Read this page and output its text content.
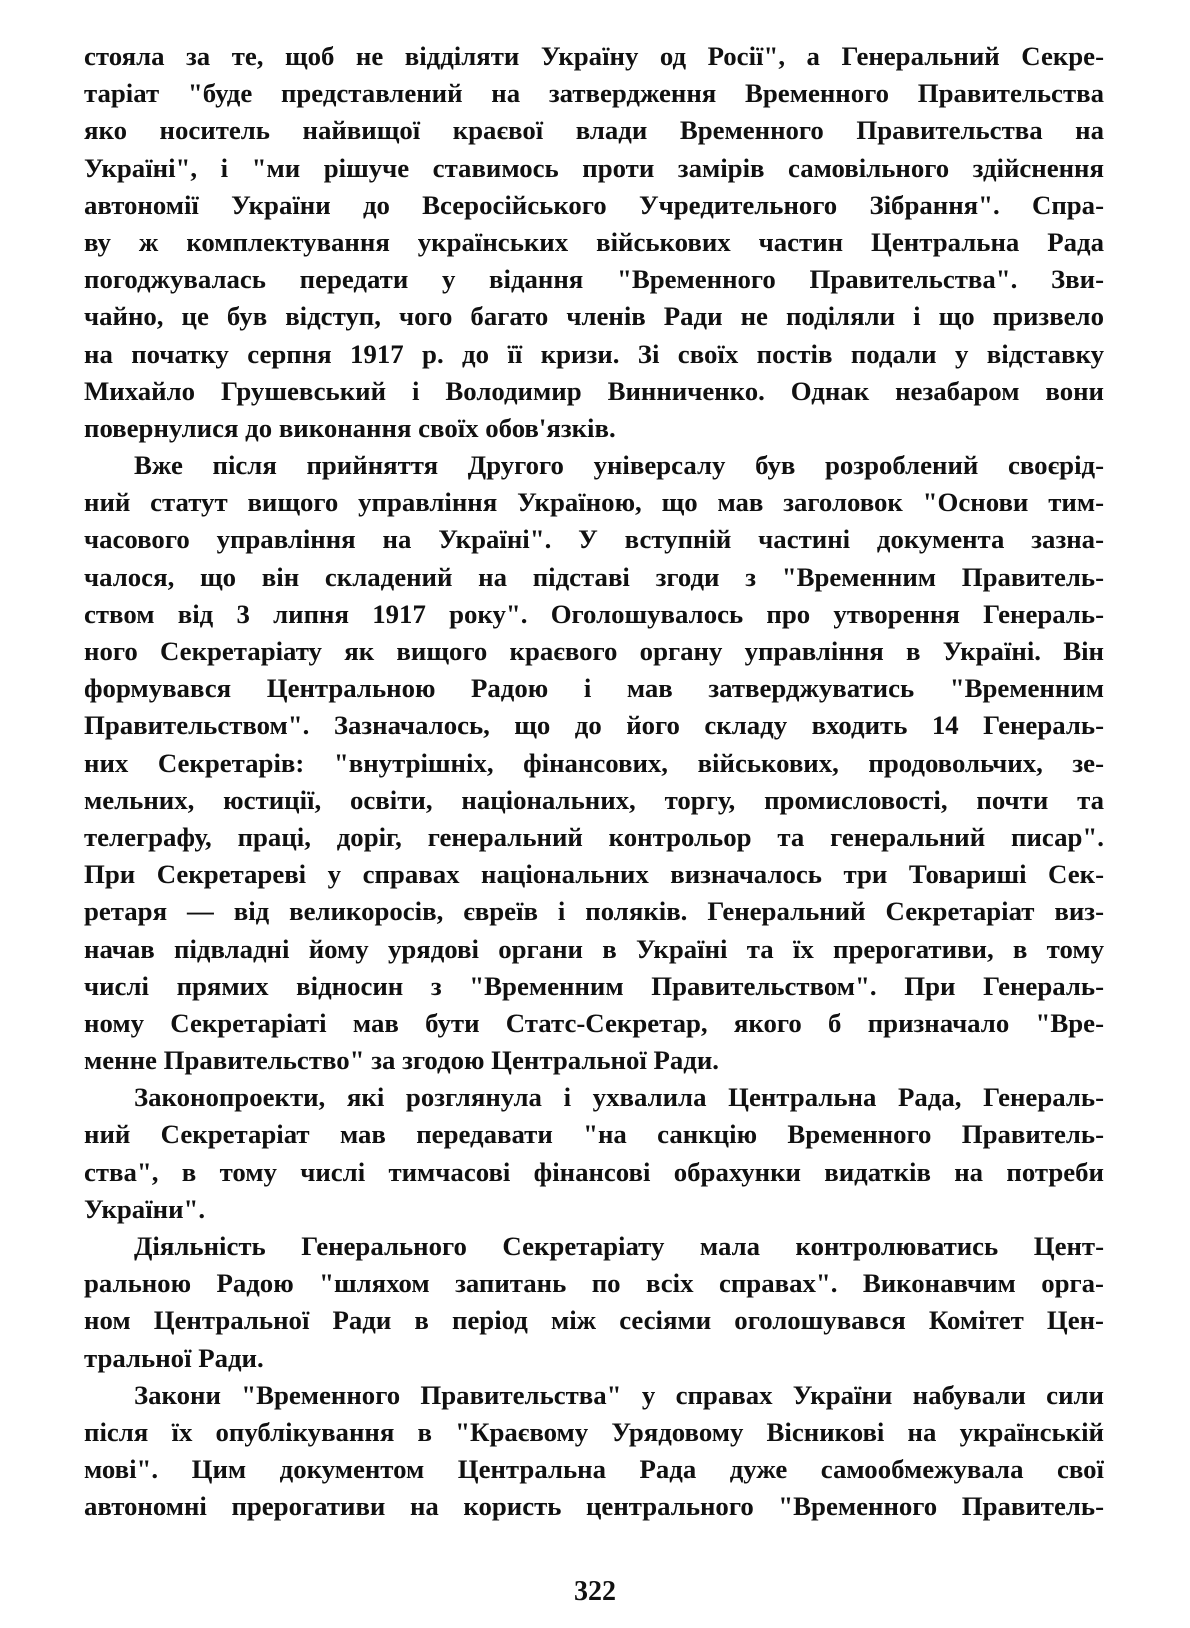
стояла за те, щоб не відділяти Україну од Росії", а Генеральний Секре-
таріат "буде представлений на затвердження Временного Правительства
яко носитель найвищої краєвої влади Временного Правительства на
Україні", і "ми рішуче ставимось проти замірів самовільного здійснення
автономії України до Всеросійського Учредительного Зібрання". Спра-
ву ж комплектування українських військових частин Центральна Рада
погоджувалась передати у відання "Временного Правительства". Зви-
чайно, це був відступ, чого багато членів Ради не поділяли і що призвело
на початку серпня 1917 р. до її кризи. Зі своїх постів подали у відставку
Михайло Грушевський і Володимир Винниченко. Однак незабаром вони
повернулися до виконання своїх обов'язків.
Вже після прийняття Другого універсалу був розроблений своєрід-
ний статут вищого управління Україною, що мав заголовок "Основи тим-
часового управління на Україні". У вступній частині документа зазна-
чалося, що він складений на підставі згоди з "Временним Правитель-
ством від 3 липня 1917 року". Оголошувалось про утворення Генераль-
ного Секретаріату як вищого краєвого органу управління в Україні. Він
формувався Центральною Радою і мав затверджуватись "Временним
Правительством". Зазначалось, що до його складу входить 14 Генераль-
них Секретарів: "внутрішніх, фінансових, військових, продовольчих, зе-
мельних, юстиції, освіти, національних, торгу, промисловості, почти та
телеграфу, праці, доріг, генеральний контрольор та генеральний писар".
При Секретареві у справах національних визначалось три Товариші Сек-
ретаря — від великоросів, євреїв і поляків. Генеральний Секретаріат виз-
начав підвладні йому урядові органи в Україні та їх прерогативи, в тому
числі прямих відносин з "Временним Правительством". При Генераль-
ному Секретаріаті мав бути Статс-Секретар, якого б призначало "Вре-
менне Правительство" за згодою Центральної Ради.
Законопроекти, які розглянула і ухвалила Центральна Рада, Генераль-
ний Секретаріат мав передавати "на санкцію Временного Правитель-
ства", в тому числі тимчасові фінансові обрахунки видатків на потреби
України".
Діяльність Генерального Секретаріату мала контролюватись Цент-
ральною Радою "шляхом запитань по всіх справах". Виконавчим орга-
ном Центральної Ради в період між сесіями оголошувався Комітет Цен-
тральної Ради.
Закони "Временного Правительства" у справах України набували сили
після їх опублікування в "Краєвому Урядовому Вісникові на українській
мові". Цим документом Центральна Рада дуже самообмежувала свої
автономні прерогативи на користь центрального "Временного Правитель-
322
